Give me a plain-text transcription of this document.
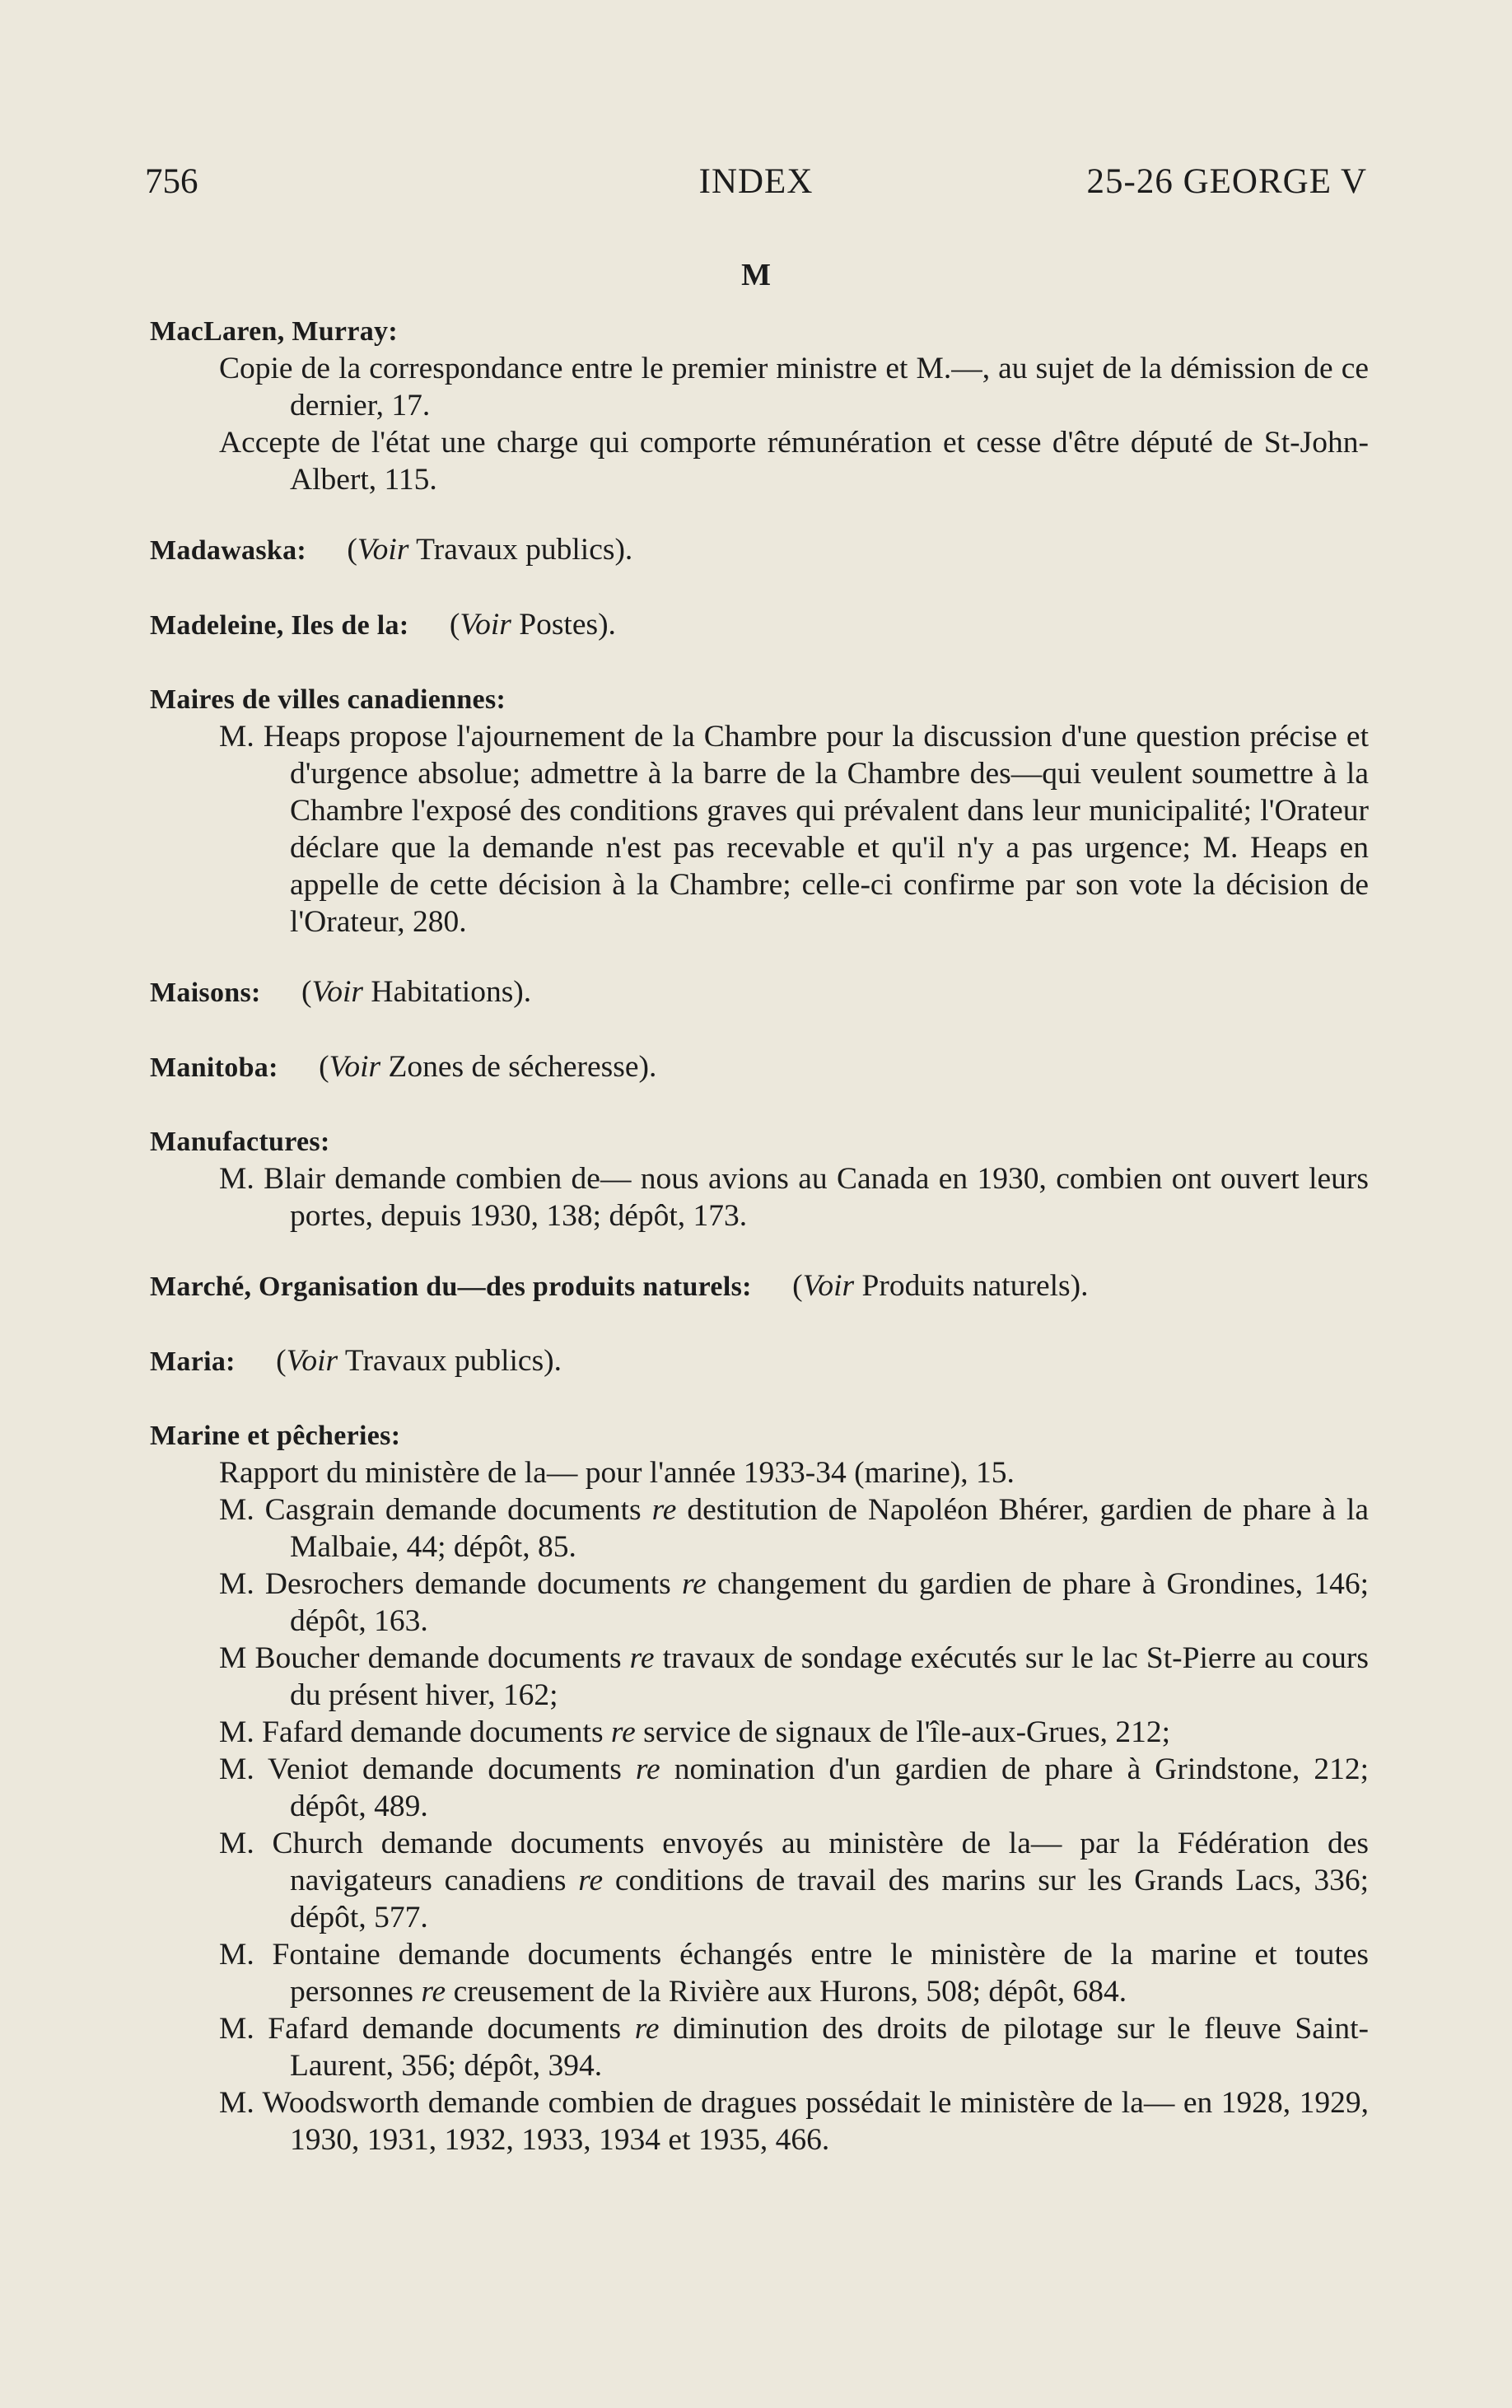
756	INDEX	25-26 GEORGE V
M
MacLaren, Murray:

Copie de la correspondance entre le premier ministre et M.—, au sujet de la démission de ce dernier, 17.

Accepte de l'état une charge qui comporte rémunération et cesse d'être député de St-John-Albert, 115.

Madawaska: (Voir Travaux publics).
Madeleine, Iles de la: (Voir Postes).
Maires de villes canadiennes:

M. Heaps propose l'ajournement de la Chambre pour la discussion d'une question précise et d'urgence absolue; admettre à la barre de la Chambre des—qui veulent soumettre à la Chambre l'exposé des conditions graves qui prévalent dans leur municipalité; l'Orateur déclare que la demande n'est pas recevable et qu'il n'y a pas urgence; M. Heaps en appelle de cette décision à la Chambre; celle-ci confirme par son vote la décision de l'Orateur, 280.

Maisons: (Voir Habitations).
Manitoba: (Voir Zones de sécheresse).
Manufactures:

M. Blair demande combien de— nous avions au Canada en 1930, combien ont ouvert leurs portes, depuis 1930, 138; dépôt, 173.

Marché, Organisation du—des produits naturels: (Voir Produits naturels).
Maria: (Voir Travaux publics).
Marine et pêcheries:

Rapport du ministère de la— pour l'année 1933-34 (marine), 15.

M. Casgrain demande documents re destitution de Napoléon Bhérer, gardien de phare à la Malbaie, 44; dépôt, 85.

M. Desrochers demande documents re changement du gardien de phare à Grondines, 146; dépôt, 163.

M Boucher demande documents re travaux de sondage exécutés sur le lac St-Pierre au cours du présent hiver, 162;

M. Fafard demande documents re service de signaux de l'île-aux-Grues, 212;

M. Veniot demande documents re nomination d'un gardien de phare à Grindstone, 212; dépôt, 489.

M. Church demande documents envoyés au ministère de la— par la Fédération des navigateurs canadiens re conditions de travail des marins sur les Grands Lacs, 336; dépôt, 577.

M. Fontaine demande documents échangés entre le ministère de la marine et toutes personnes re creusement de la Rivière aux Hurons, 508; dépôt, 684.

M. Fafard demande documents re diminution des droits de pilotage sur le fleuve Saint-Laurent, 356; dépôt, 394.

M. Woodsworth demande combien de dragues possédait le ministère de la— en 1928, 1929, 1930, 1931, 1932, 1933, 1934 et 1935, 466.
